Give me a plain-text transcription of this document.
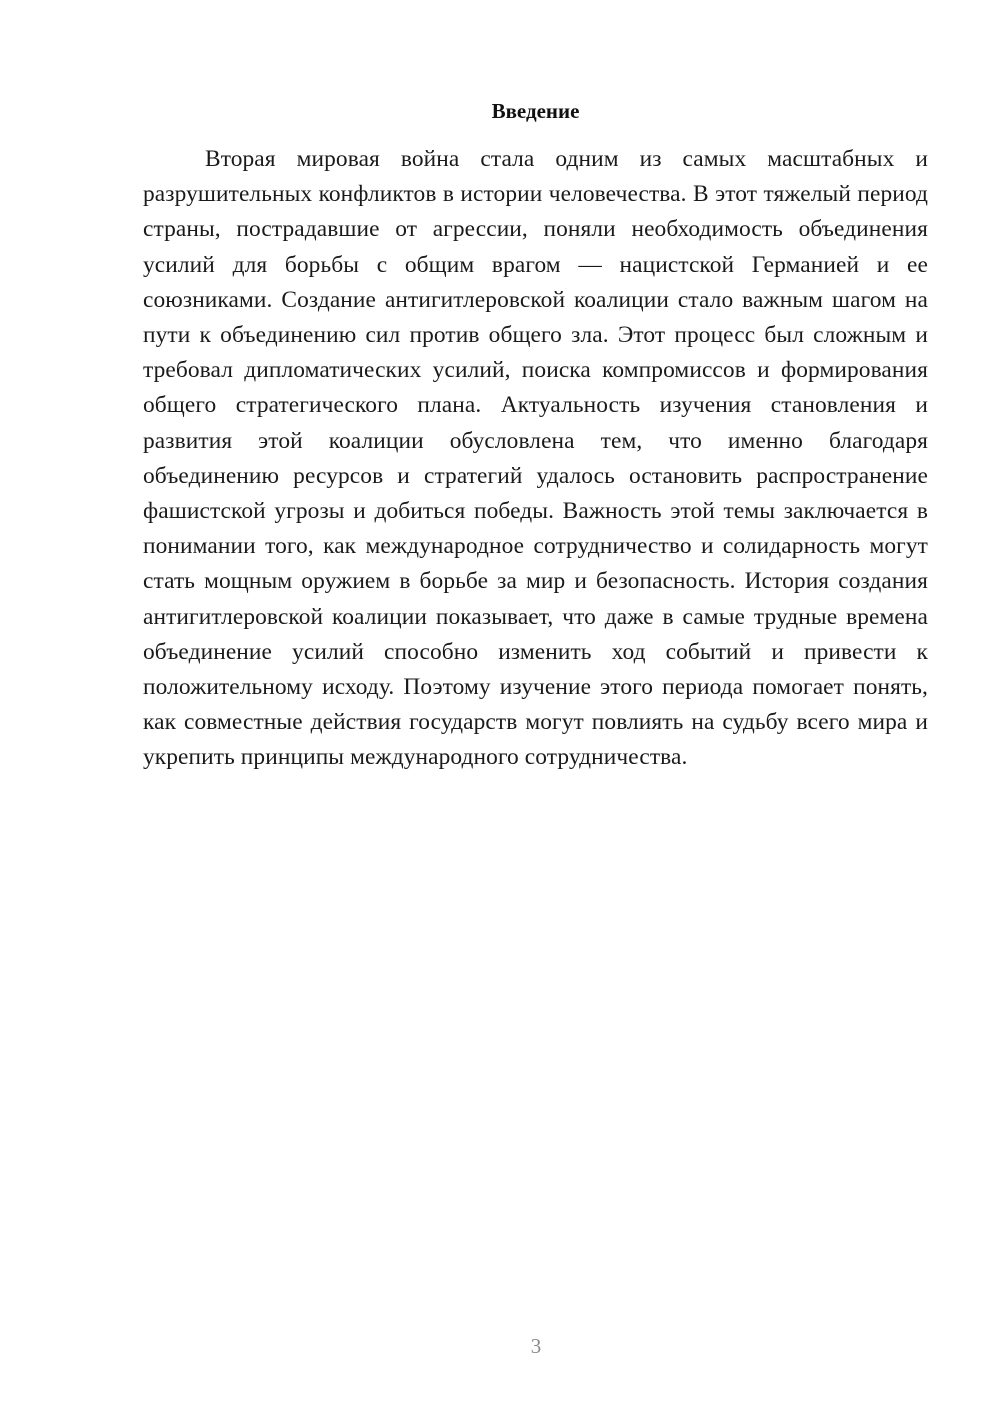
Введение

Вторая мировая война стала одним из самых масштабных и разрушительных конфликтов в истории человечества. В этот тяжелый период страны, пострадавшие от агрессии, поняли необходимость объединения усилий для борьбы с общим врагом — нацистской Германией и ее союзниками. Создание антигитлеровской коалиции стало важным шагом на пути к объединению сил против общего зла. Этот процесс был сложным и требовал дипломатических усилий, поиска компромиссов и формирования общего стратегического плана. Актуальность изучения становления и развития этой коалиции обусловлена тем, что именно благодаря объединению ресурсов и стратегий удалось остановить распространение фашистской угрозы и добиться победы. Важность этой темы заключается в понимании того, как международное сотрудничество и солидарность могут стать мощным оружием в борьбе за мир и безопасность. История создания антигитлеровской коалиции показывает, что даже в самые трудные времена объединение усилий способно изменить ход событий и привести к положительному исходу. Поэтому изучение этого периода помогает понять, как совместные действия государств могут повлиять на судьбу всего мира и укрепить принципы международного сотрудничества.

3
